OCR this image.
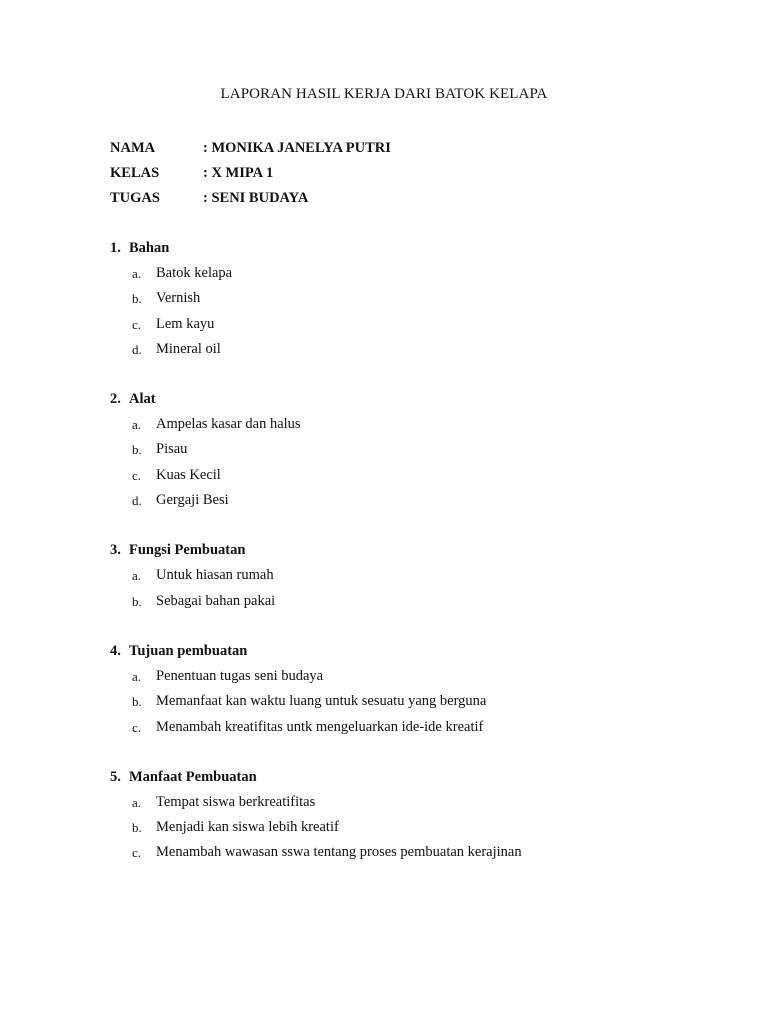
LAPORAN HASIL KERJA DARI BATOK KELAPA
NAMA	: MONIKA JANELYA PUTRI
KELAS	: X MIPA 1
TUGAS	: SENI BUDAYA
1. Bahan
a.	Batok kelapa
b. Vernish
c.	Lem kayu
d. Mineral oil
2. Alat
a.	Ampelas kasar dan halus
b. Pisau
c.	Kuas Kecil
d. Gergaji Besi
3. Fungsi Pembuatan
a.	Untuk hiasan rumah
b. Sebagai bahan pakai
4. Tujuan pembuatan
a.	Penentuan tugas seni budaya
b. Memanfaat kan waktu luang untuk sesuatu yang berguna
c.	Menambah kreatifitas untk mengeluarkan ide-ide kreatif
5. Manfaat Pembuatan
a.	Tempat siswa berkreatifitas
b. Menjadi kan siswa lebih kreatif
c.	Menambah wawasan sswa tentang proses pembuatan kerajinan
